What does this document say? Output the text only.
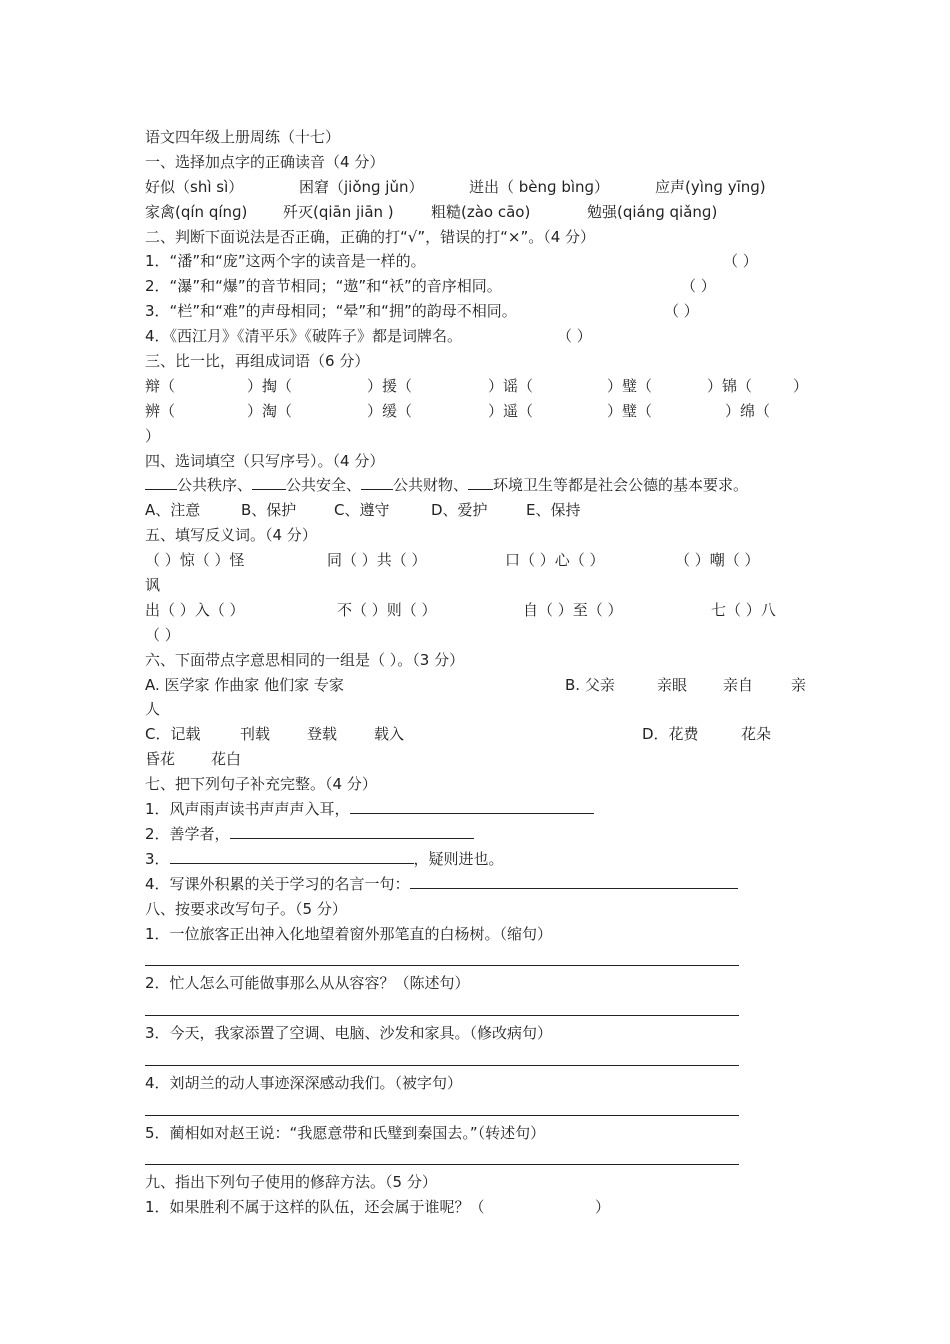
语文四年级上册周练（十七）
一、选择加点字的正确读音（4 分）
好似（shì sì）	困窘（jiǒnɡ jǔn）	迸出（ bènɡ bìnɡ）	应声(yìnɡ yīnɡ)
家禽(qín qínɡ) 歼灭(qiān jiān ) 粗糙(zào cāo)	勉强(qiánɡ qiǎnɡ)
二、判断下面说法是否正确，正确的打“√”，错误的打“×”。（4 分）
1．“潘”和“庞”这两个字的读音是一样的。	（ ）
2．“瀑”和“爆”的音节相同；“遨”和“袄”的音序相同。	（ ）
3．“栏”和“难”的声母相同；“晕”和“拥”的韵母不相同。	（ ）
4．《西江月》《清平乐》《破阵子》都是词牌名。	（ ）
三、比一比，再组成词语（6 分）
辩（	）掏（	）援（	）谣（	）璧（	）锦（	）
辨（	）淘（	）缓（	）遥（	）璧（	）绵（
）
四、选词填空（只写序号）。（4 分）
公共秩序、 公共安全、 公共财物、 环境卫生等都是社会公德的基本要求。
A、注意	B、保护	C、遵守	D、爱护	E、保持
五、填写反义词。（4 分）
（ ）惊（ ）怪	同（ ）共（ ）	口（ ）心（ ）	（ ）嘲（ ）
讽
出（ ）入（ ）	不（ ）则（ ）	自（ ）至（ ）	七（ ）八
（ ）
六、下面带点字意思相同的一组是（ ）。（3 分）
A. 医学家 作曲家 他们家 专家	B. 父亲	亲眼 亲自	亲
人
C．记载	刊载 登载 载入	D．花费	花朵
昏花 花白
七、把下列句子补充完整。（4 分）
1．风声雨声读书声声声入耳，
2．善学者，
3．	，疑则进也。
4．写课外积累的关于学习的名言一句：
八、按要求改写句子。（5 分）
1．一位旅客正出神入化地望着窗外那笔直的白杨树。（缩句）
2．忙人怎么可能做事那么从从容容？（陈述句）
3．今天，我家添置了空调、电脑、沙发和家具。（修改病句）
4．刘胡兰的动人事迹深深感动我们。（被字句）
5．蔺相如对赵王说：“我愿意带和氏璧到秦国去。”（转述句）
九、指出下列句子使用的修辞方法。（5 分）
1．如果胜利不属于这样的队伍，还会属于谁呢？（	）
